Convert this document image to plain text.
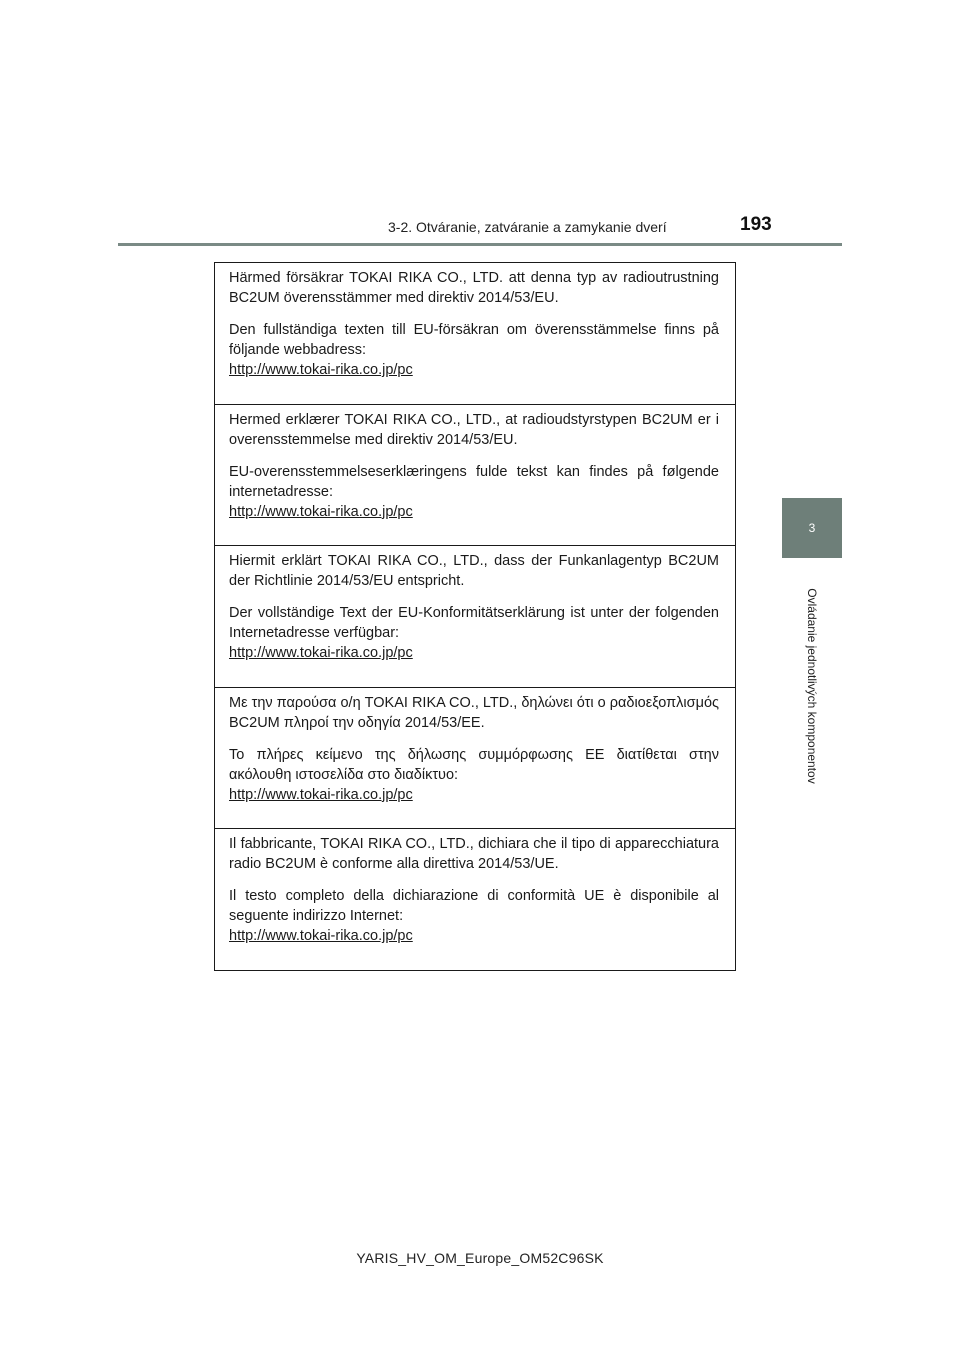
3-2. Otváranie, zatváranie a zamykanie dverí	193
3
Ovládanie jednotlivých komponentov

Härmed försäkrar TOKAI RIKA CO., LTD. att denna typ av radioutrustning BC2UM överensstämmer med direktiv 2014/53/EU.

Den fullständiga texten till EU-försäkran om överensstämmelse finns på följande webbadress:
http://www.tokai-rika.co.jp/pc

Hermed erklærer TOKAI RIKA CO., LTD., at radioudstyrstypen BC2UM er i overensstemmelse med direktiv 2014/53/EU.

EU-overensstemmelseserklæringens fulde tekst kan findes på følgende internetadresse:
http://www.tokai-rika.co.jp/pc

Hiermit erklärt TOKAI RIKA CO., LTD., dass der Funkanlagentyp BC2UM der Richtlinie 2014/53/EU entspricht.

Der vollständige Text der EU-Konformitätserklärung ist unter der folgenden Internetadresse verfügbar:
http://www.tokai-rika.co.jp/pc

Με την παρούσα ο/η TOKAI RIKA CO., LTD., δηλώνει ότι ο ραδιοεξοπλισμός BC2UM πληροί την οδηγία 2014/53/ΕΕ.

Το πλήρες κείμενο της δήλωσης συμμόρφωσης ΕΕ διατίθεται στην ακόλουθη ιστοσελίδα στο διαδίκτυο:
http://www.tokai-rika.co.jp/pc

Il fabbricante, TOKAI RIKA CO., LTD., dichiara che il tipo di apparecchiatura radio BC2UM è conforme alla direttiva 2014/53/UE.

Il testo completo della dichiarazione di conformità UE è disponibile al seguente indirizzo Internet:
http://www.tokai-rika.co.jp/pc

YARIS_HV_OM_Europe_OM52C96SK
